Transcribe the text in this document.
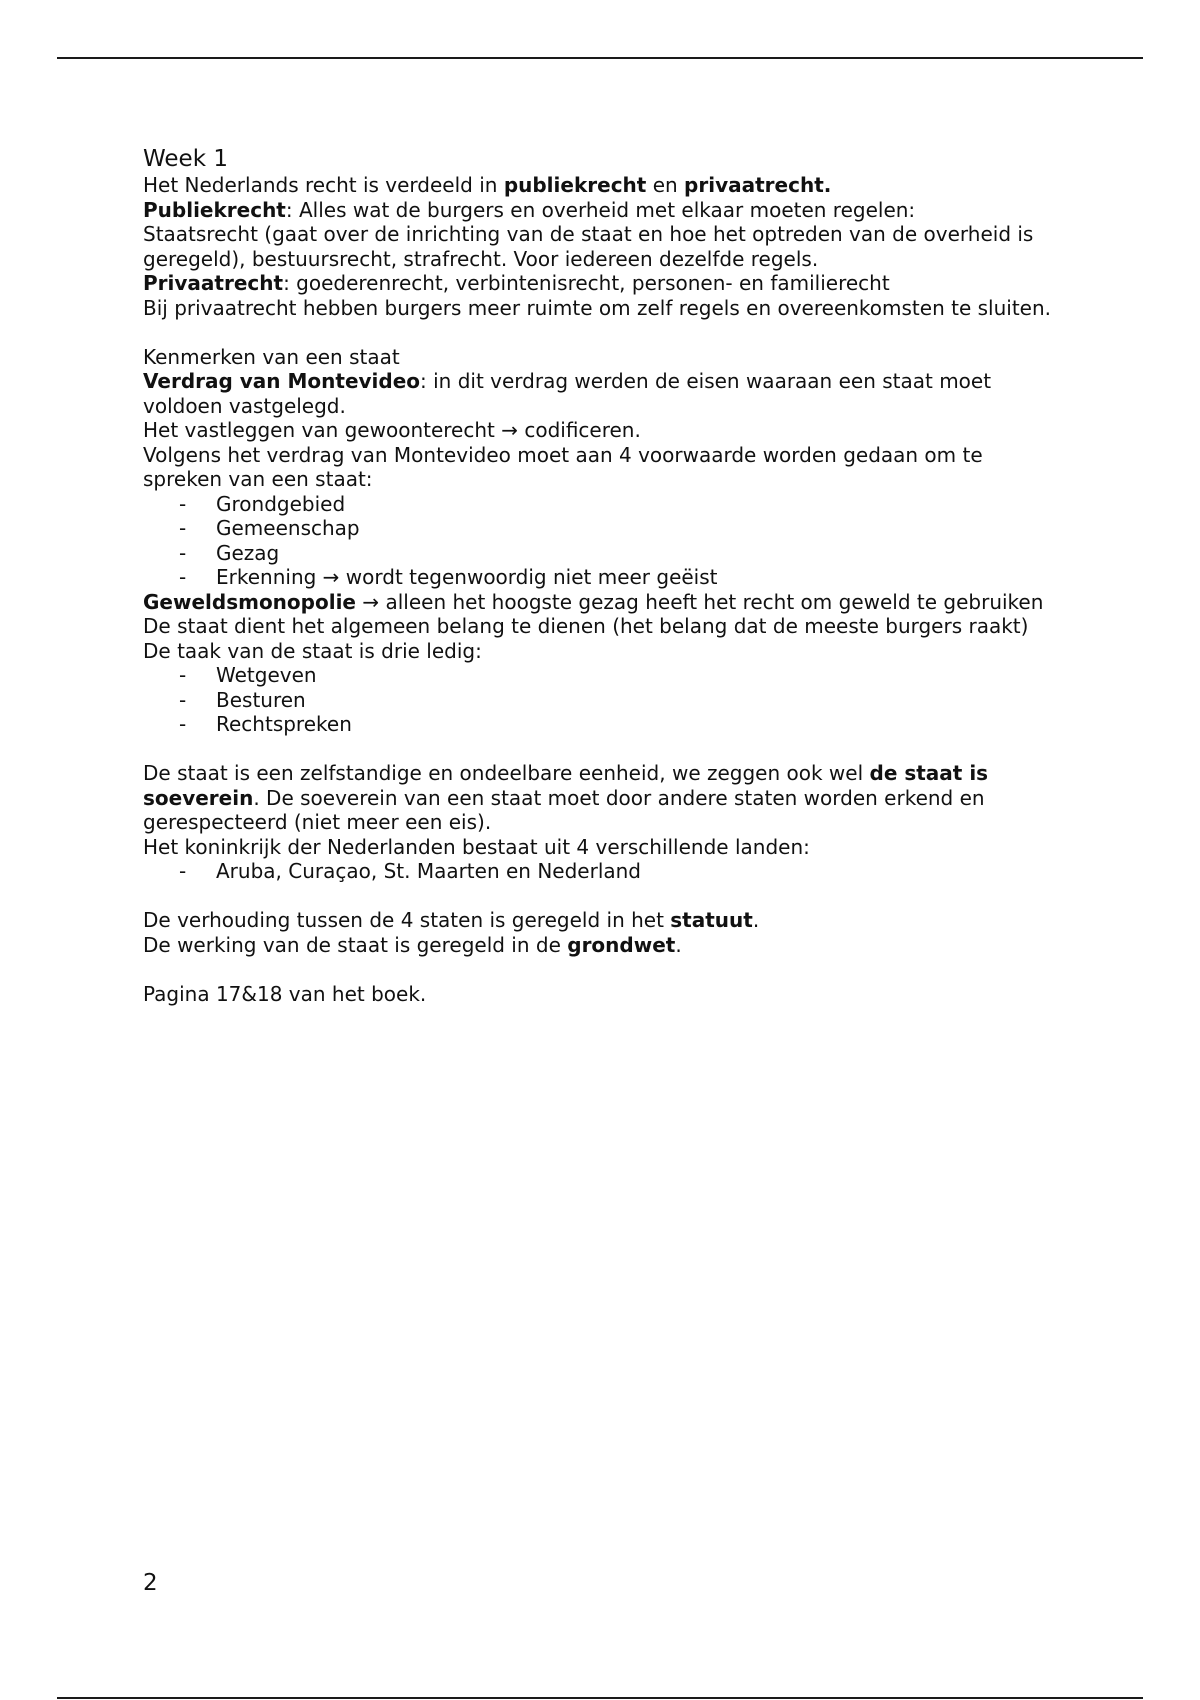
Week 1

Het Nederlands recht is verdeeld in publiekrecht en privaatrecht.

Publiekrecht: Alles wat de burgers en overheid met elkaar moeten regelen:

Staatsrecht (gaat over de inrichting van de staat en hoe het optreden van de overheid is geregeld), bestuursrecht, strafrecht. Voor iedereen dezelfde regels.

Privaatrecht: goederenrecht, verbintenisrecht, personen- en familierecht

Bij privaatrecht hebben burgers meer ruimte om zelf regels en overeenkomsten te sluiten.

Kenmerken van een staat

Verdrag van Montevideo: in dit verdrag werden de eisen waaraan een staat moet voldoen vastgelegd.

Het vastleggen van gewoonterecht → codificeren.

Volgens het verdrag van Montevideo moet aan 4 voorwaarde worden gedaan om te spreken van een staat:

- Grondgebied
- Gemeenschap
- Gezag
- Erkenning → wordt tegenwoordig niet meer geëist

Geweldsmonopolie → alleen het hoogste gezag heeft het recht om geweld te gebruiken

De staat dient het algemeen belang te dienen (het belang dat de meeste burgers raakt)

De taak van de staat is drie ledig:

- Wetgeven
- Besturen
- Rechtspreken

De staat is een zelfstandige en ondeelbare eenheid, we zeggen ook wel de staat is soeverein. De soeverein van een staat moet door andere staten worden erkend en gerespecteerd (niet meer een eis).

Het koninkrijk der Nederlanden bestaat uit 4 verschillende landen:

- Aruba, Curaçao, St. Maarten en Nederland

De verhouding tussen de 4 staten is geregeld in het statuut.

De werking van de staat is geregeld in de grondwet.

Pagina 17&18 van het boek.

2
